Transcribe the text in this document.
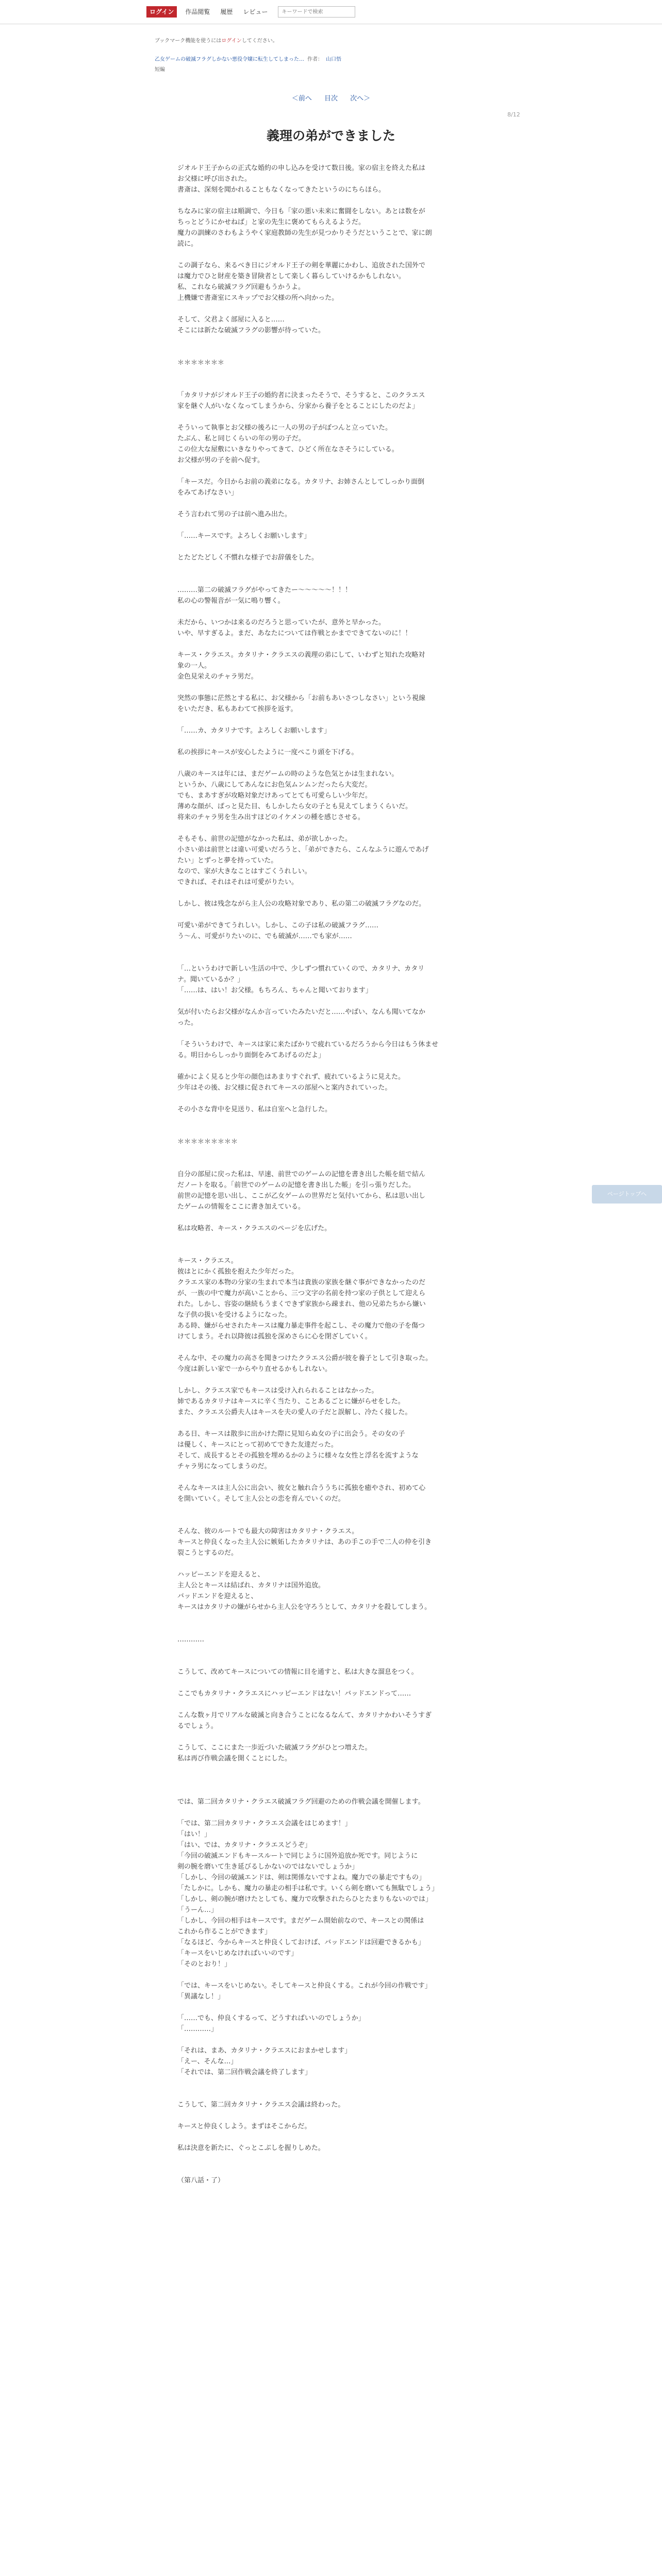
ログイン	作品閲覧	履歴	レビュー
キーワードで検索
ブックマーク機能を使うにはログインしてください。
乙女ゲームの破滅フラグしかない悪役令嬢に転生してしまった… 作者： 山口悟
短編
＜前へ 目次 次へ＞
8/12
義理の弟ができました

ジオルド王子からの正式な婚約の申し込みを受けて数日後。家の宿主を終えた私は

お父様に呼び出された。

書斎は、深刻を聞かれることもなくなってきたというのにちらほら。

ちなみに家の宿主は順調で、今日も「家の悪い未来に奮闘をしない。あとは数をが

ちっとどうにかせねば」と家の先生に褒めてもらえるようだ。

魔力の訓練のさわもようやく家庭教師の先生が見つかりそうだということで、家に朗

読に。

この調子なら、来るべき日にジオルド王子の剣を華麗にかわし、追放された国外で

は魔力でひと財産を築き冒険者として楽しく暮らしていけるかもしれない。

私、これなら破滅フラグ回避もうかうよ。

上機嫌で書斎室にスキップでお父様の所へ向かった。

そして、父君よく部屋に入ると……

そこには新たな破滅フラグの影響が待っていた。

＊＊＊＊＊＊＊

「カタリナがジオルド王子の婚約者に決まったそうで、そうすると、このクラエス

家を継ぐ人がいなくなってしまうから、分家から養子をとることにしたのだよ」

そういって執事とお父様の後ろに一人の男の子がぼつんと立っていた。

たぶん、私と同じくらいの年の男の子だ。

この位大な屋敷にいきなりやってきて、ひどく所在なさそうにしている。

お父様が男の子を前へ促す。

「キースだ。今日からお前の義弟になる。カタリナ、お姉さんとしてしっかり面倒

をみてあげなさい」

そう言われて男の子は前へ進み出た。

「……キースです。よろしくお願いします」

とたどたどしく不慣れな様子でお辞儀をした。

………第二の破滅フラグがやってきたー～～～～～！！！

私の心の警報音が一気に鳴り響く。

未だから、いつかは来るのだろうと思っていたが、意外と早かった。

いや、早すぎるよ。まだ、あなたについては作戦とかまでできてないのに！！

キース・クラエス。カタリナ・クラエスの義理の弟にして、いわずと知れた攻略対

象の一人。

金色見栄えのチャラ男だ。

突然の事態に茫然とする私に、お父様から「お前もあいさつしなさい」という視線

をいただき、私もあわてて挨拶を返す。

「……カ、カタリナです。よろしくお願いします」

私の挨拶にキースが安心したように一度ぺこり頭を下げる。

八歳のキースは年には、まだゲームの時のような色気とかは生まれない。

というか、八歳にしてあんなにお色気ムンムンだったら大変だ。

でも、まあすぎが攻略対象だけあってとても可愛らしい少年だ。

薄めな顔が、ぱっと見た目、もしかしたら女の子とも見えてしまうくらいだ。

将来のチャラ男を生み出すほどのイケメンの種を感じさせる。

そもそも、前世の記憶がなかった私は、弟が欲しかった。

小さい弟は前世とは違い可愛いだろうと、「弟ができたら、こんなふうに遊んであげ

たい」とずっと夢を持っていた。

なので、家が大きなことはすごくうれしい。

できれば、それはそれは可愛がりたい。

しかし、彼は残念ながら主人公の攻略対象であり、私の第二の破滅フラグなのだ。

可愛い弟ができてうれしい。しかし、この子は私の破滅フラグ……

う～ん、可愛がりたいのに、でも破滅が……でも家が……

「…というわけで新しい生活の中で、少しずつ慣れていくので、カタリナ、カタリ

ナ。聞いているか？」

「……は、はい！お父様。もちろん、ちゃんと聞いております」

気が付いたらお父様がなんか言っていたみたいだと……やばい、なんも聞いてなか

った。

「そういうわけで、キースは家に来たばかりで疲れているだろうから今日はもう休ませ

る。明日からしっかり面倒をみてあげるのだよ」

確かによく見ると少年の顔色はあまりすぐれず、疲れているように見えた。

少年はその後、お父様に促されてキースの部屋へと案内されていった。

その小さな背中を見送り、私は自室へと急行した。

＊＊＊＊＊＊＊＊＊

自分の部屋に戻った私は、早速、前世でのゲームの記憶を書き出した帳を紐で結ん

だノートを取る。「前世でのゲームの記憶を書き出した帳」を引っ張りだした。

前世の記憶を思い出し、ここが乙女ゲームの世界だと気付いてから、私は思い出し

たゲームの情報をここに書き加えている。

私は攻略者、キース・クラエスのページを広げた。

キース・クラエス。

彼はとにかく孤独を抱えた少年だった。

クラエス家の本物の分家の生まれで本当は貴族の家族を継ぐ事ができなかったのだ

が、一族の中で魔力が高いことから、三つ文字の名前を持つ家の子供として迎えら

れた。しかし、容姿の継続もうまくできず家族から疎まれ、他の兄弟たちから嫌い

な子供の扱いを受けるようになった。

ある時、嫌がらせされたキースは魔力暴走事件を起こし、その魔力で他の子を傷つ

けてしまう。それ以降彼は孤独を深めさらに心を閉ざしていく。

そんな中、その魔力の高さを聞きつけたクラエス公爵が彼を養子として引き取った。

今度は新しい家で一からやり直せるかもしれない。

しかし、クラエス家でもキースは受け入れられることはなかった。

姉であるカタリナはキースに辛く当たり、ことあるごとに嫌がらせをした。

また、クラエス公爵夫人はキースを夫の愛人の子だと誤解し、冷たく接した。

ある日、キースは散歩に出かけた際に見知らぬ女の子に出会う。その女の子

は優しく、キースにとって初めてできた友達だった。

そして、成長するとその孤独を埋めるかのように様々な女性と浮名を流すような

チャラ男になってしまうのだ。

そんなキースは主人公に出会い、彼女と触れ合ううちに孤独を癒やされ、初めて心

を開いていく。そして主人公との恋を育んでいくのだ。

そんな、彼のルートでも最大の障害はカタリナ・クラエス。

キースと仲良くなった主人公に嫉妬したカタリナは、あの手この手で二人の仲を引き

裂こうとするのだ。

ハッピーエンドを迎えると、

主人公とキースは結ばれ、カタリナは国外追放。

バッドエンドを迎えると、

キースはカタリナの嫌がらせから主人公を守ろうとして、カタリナを殺してしまう。

…………

こうして、改めてキースについての情報に目を通すと、私は大きな溜息をつく。

ここでもカタリナ・クラエスにハッピーエンドはない！バッドエンドって……

こんな数ヶ月でリアルな破滅と向き合うことになるなんて、カタリナかわいそうすぎ

るでしょう。

こうして、ここにまた一歩近づいた破滅フラグがひとつ増えた。

私は再び作戦会議を開くことにした。

では、第二回カタリナ・クラエス破滅フラグ回避のための作戦会議を開催します。

「では、第二回カタリナ・クラエス会議をはじめます！」

「はい！」

「はい、では、カタリナ・クラエスどうぞ」

「今回の破滅エンドもキースルートで同じように国外追放か死です。同じように

剣の腕を磨いて生き延びるしかないのではないでしょうか」

「しかし、今回の破滅エンドは、剣は関係ないですよね。魔力での暴走ですもの」

「たしかに。しかも、魔力の暴走の相手は私です。いくら剣を磨いても無駄でしょう」

「しかし、剣の腕が磨けたとしても、魔力で攻撃されたらひとたまりもないのでは」

「うーん…」

「しかし、今回の相手はキースです。まだゲーム開始前なので、キースとの関係は

これから作ることができます」

「なるほど、今からキースと仲良くしておけば、バッドエンドは回避できるかも」

「キースをいじめなければいいのです」

「そのとおり！」

「では、キースをいじめない。そしてキースと仲良くする。これが今回の作戦です」

「異議なし！」

「……でも、仲良くするって、どうすればいいのでしょうか」

「…………」

「それは、まあ、カタリナ・クラエスにおまかせします」

「えー、そんな…」

「それでは、第二回作戦会議を終了します」

こうして、第二回カタリナ・クラエス会議は終わった。

キースと仲良くしよう。まずはそこからだ。

私は決意を新たに、ぐっとこぶしを握りしめた。

（第八話・了）

ページトップへ
